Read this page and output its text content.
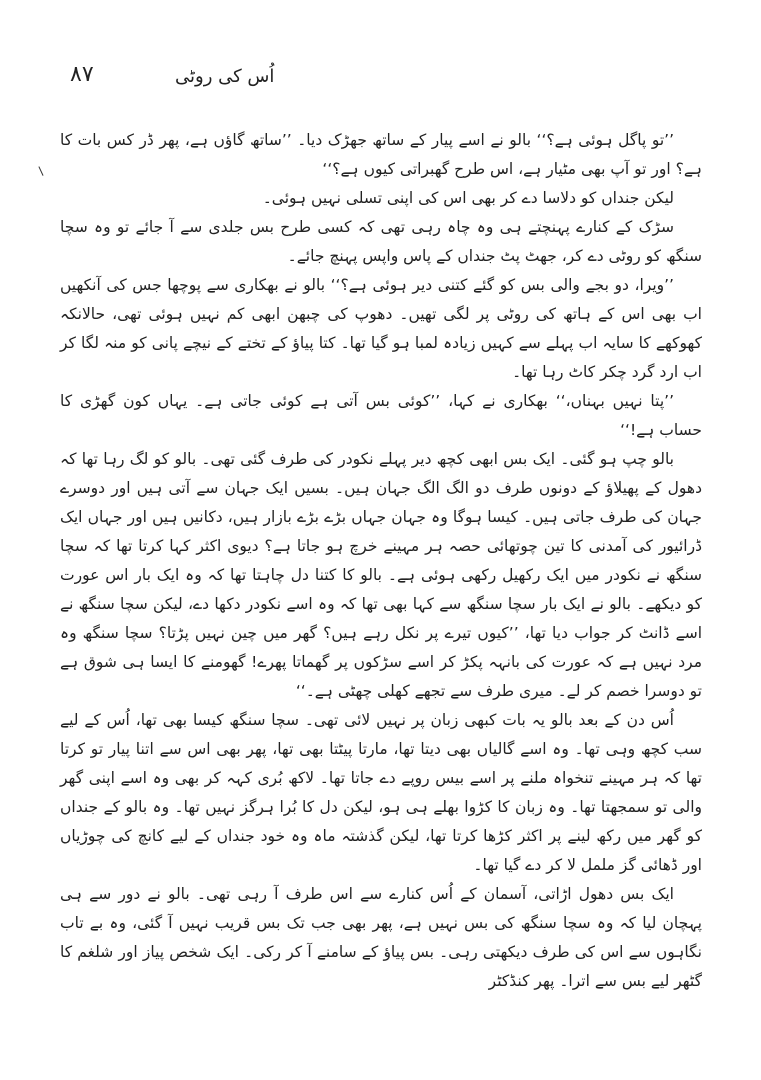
۸۷	اُس کی روٹی

’’تو پاگل ہوئی ہے؟‘‘ بالو نے اسے پیار کے ساتھ جھڑک دیا۔ ’’ساتھ گاؤں ہے، پھر ڈر کس بات کا ہے؟ اور تو آپ بھی مٹیار ہے، اس طرح گھبراتی کیوں ہے؟‘‘

لیکن جنداں کو دلاسا دے کر بھی اس کی اپنی تسلی نہیں ہوئی۔

سڑک کے کنارے پہنچتے ہی وہ چاہ رہی تھی کہ کسی طرح بس جلدی سے آ جائے تو وہ سچا سنگھ کو روٹی دے کر، جھٹ پٹ جنداں کے پاس واپس پہنچ جائے۔

’’ویرا، دو بجے والی بس کو گئے کتنی دیر ہوئی ہے؟‘‘ بالو نے بھکاری سے پوچھا جس کی آنکھیں اب بھی اس کے ہاتھ کی روٹی پر لگی تھیں۔ دھوپ کی چبھن ابھی کم نہیں ہوئی تھی، حالانکہ کھوکھے کا سایہ اب پہلے سے کہیں زیادہ لمبا ہو گیا تھا۔ کتا پیاؤ کے تختے کے نیچے پانی کو منہ لگا کر اب ارد گرد چکر کاٹ رہا تھا۔

’’پتا نہیں بہناں،‘‘ بھکاری نے کہا، ’’کوئی بس آتی ہے کوئی جاتی ہے۔ یہاں کون گھڑی کا حساب ہے!‘‘

بالو چپ ہو گئی۔ ایک بس ابھی کچھ دیر پہلے نکودر کی طرف گئی تھی۔ بالو کو لگ رہا تھا کہ دھول کے پھیلاؤ کے دونوں طرف دو الگ الگ جہان ہیں۔ بسیں ایک جہان سے آتی ہیں اور دوسرے جہان کی طرف جاتی ہیں۔ کیسا ہوگا وہ جہان جہاں بڑے بڑے بازار ہیں، دکانیں ہیں اور جہاں ایک ڈرائیور کی آمدنی کا تین چوتھائی حصہ ہر مہینے خرچ ہو جاتا ہے؟ دیوی اکثر کہا کرتا تھا کہ سچا سنگھ نے نکودر میں ایک رکھیل رکھی ہوئی ہے۔ بالو کا کتنا دل چاہتا تھا کہ وہ ایک بار اس عورت کو دیکھے۔ بالو نے ایک بار سچا سنگھ سے کہا بھی تھا کہ وہ اسے نکودر دکھا دے، لیکن سچا سنگھ نے اسے ڈانٹ کر جواب دیا تھا، ’’کیوں تیرے پر نکل رہے ہیں؟ گھر میں چین نہیں پڑتا؟ سچا سنگھ وہ مرد نہیں ہے کہ عورت کی بانہہ پکڑ کر اسے سڑکوں پر گھماتا پھرے! گھومنے کا ایسا ہی شوق ہے تو دوسرا خصم کر لے۔ میری طرف سے تجھے کھلی چھٹی ہے۔‘‘

اُس دن کے بعد بالو یہ بات کبھی زبان پر نہیں لائی تھی۔ سچا سنگھ کیسا بھی تھا، اُس کے لیے سب کچھ وہی تھا۔ وہ اسے گالیاں بھی دیتا تھا، مارتا پیٹتا بھی تھا، پھر بھی اس سے اتنا پیار تو کرتا تھا کہ ہر مہینے تنخواہ ملنے پر اسے بیس روپے دے جاتا تھا۔ لاکھ بُری کہہ کر بھی وہ اسے اپنی گھر والی تو سمجھتا تھا۔ وہ زبان کا کڑوا بھلے ہی ہو، لیکن دل کا بُرا ہرگز نہیں تھا۔ وہ بالو کے جنداں کو گھر میں رکھ لینے پر اکثر کڑھا کرتا تھا، لیکن گذشتہ ماہ وہ خود جنداں کے لیے کانچ کی چوڑیاں اور ڈھائی گز ململ لا کر دے گیا تھا۔

ایک بس دھول اڑاتی، آسمان کے اُس کنارے سے اس طرف آ رہی تھی۔ بالو نے دور سے ہی پہچان لیا کہ وہ سچا سنگھ کی بس نہیں ہے، پھر بھی جب تک بس قریب نہیں آ گئی، وہ بے تاب نگاہوں سے اس کی طرف دیکھتی رہی۔ بس پیاؤ کے سامنے آ کر رکی۔ ایک شخص پیاز اور شلغم کا گٹھر لیے بس سے اترا۔ پھر کنڈکٹر
